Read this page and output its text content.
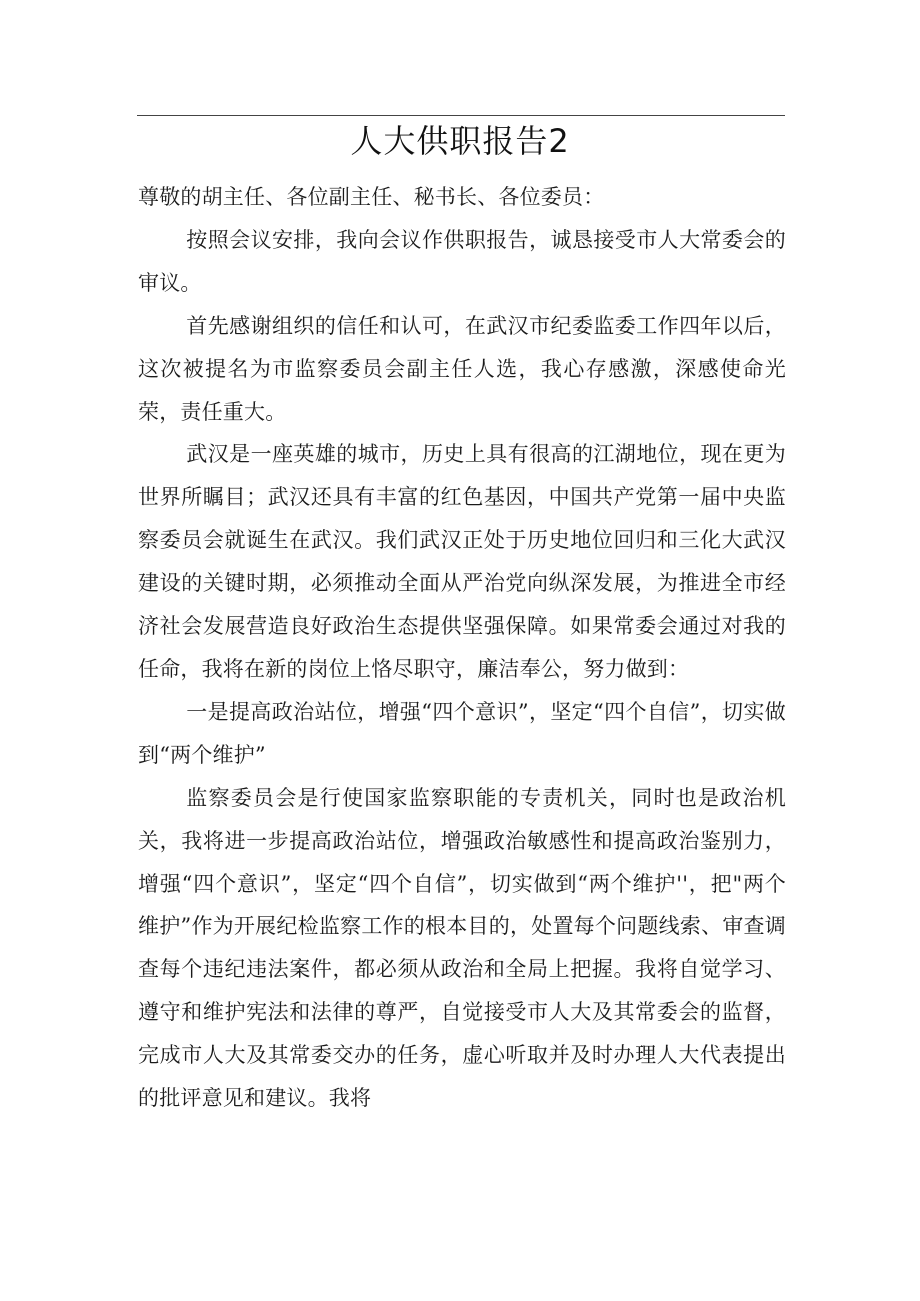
人大供职报告2

尊敬的胡主任、各位副主任、秘书长、各位委员：

按照会议安排，我向会议作供职报告，诚恳接受市人大常委会的审议。

首先感谢组织的信任和认可，在武汉市纪委监委工作四年以后，这次被提名为市监察委员会副主任人选，我心存感激，深感使命光荣，责任重大。

武汉是一座英雄的城市，历史上具有很高的江湖地位，现在更为世界所瞩目；武汉还具有丰富的红色基因，中国共产党第一届中央监察委员会就诞生在武汉。我们武汉正处于历史地位回归和三化大武汉建设的关键时期，必须推动全面从严治党向纵深发展，为推进全市经济社会发展营造良好政治生态提供坚强保障。如果常委会通过对我的任命，我将在新的岗位上恪尽职守，廉洁奉公，努力做到：

一是提高政治站位，增强“四个意识”，坚定“四个自信”，切实做到“两个维护”

监察委员会是行使国家监察职能的专责机关，同时也是政治机关，我将进一步提高政治站位，增强政治敏感性和提高政治鉴别力，增强“四个意识”，坚定“四个自信”，切实做到“两个维护''，把"两个维护”作为开展纪检监察工作的根本目的，处置每个问题线索、审查调查每个违纪违法案件，都必须从政治和全局上把握。我将自觉学习、遵守和维护宪法和法律的尊严，自觉接受市人大及其常委会的监督，完成市人大及其常委交办的任务，虚心听取并及时办理人大代表提出的批评意见和建议。我将
